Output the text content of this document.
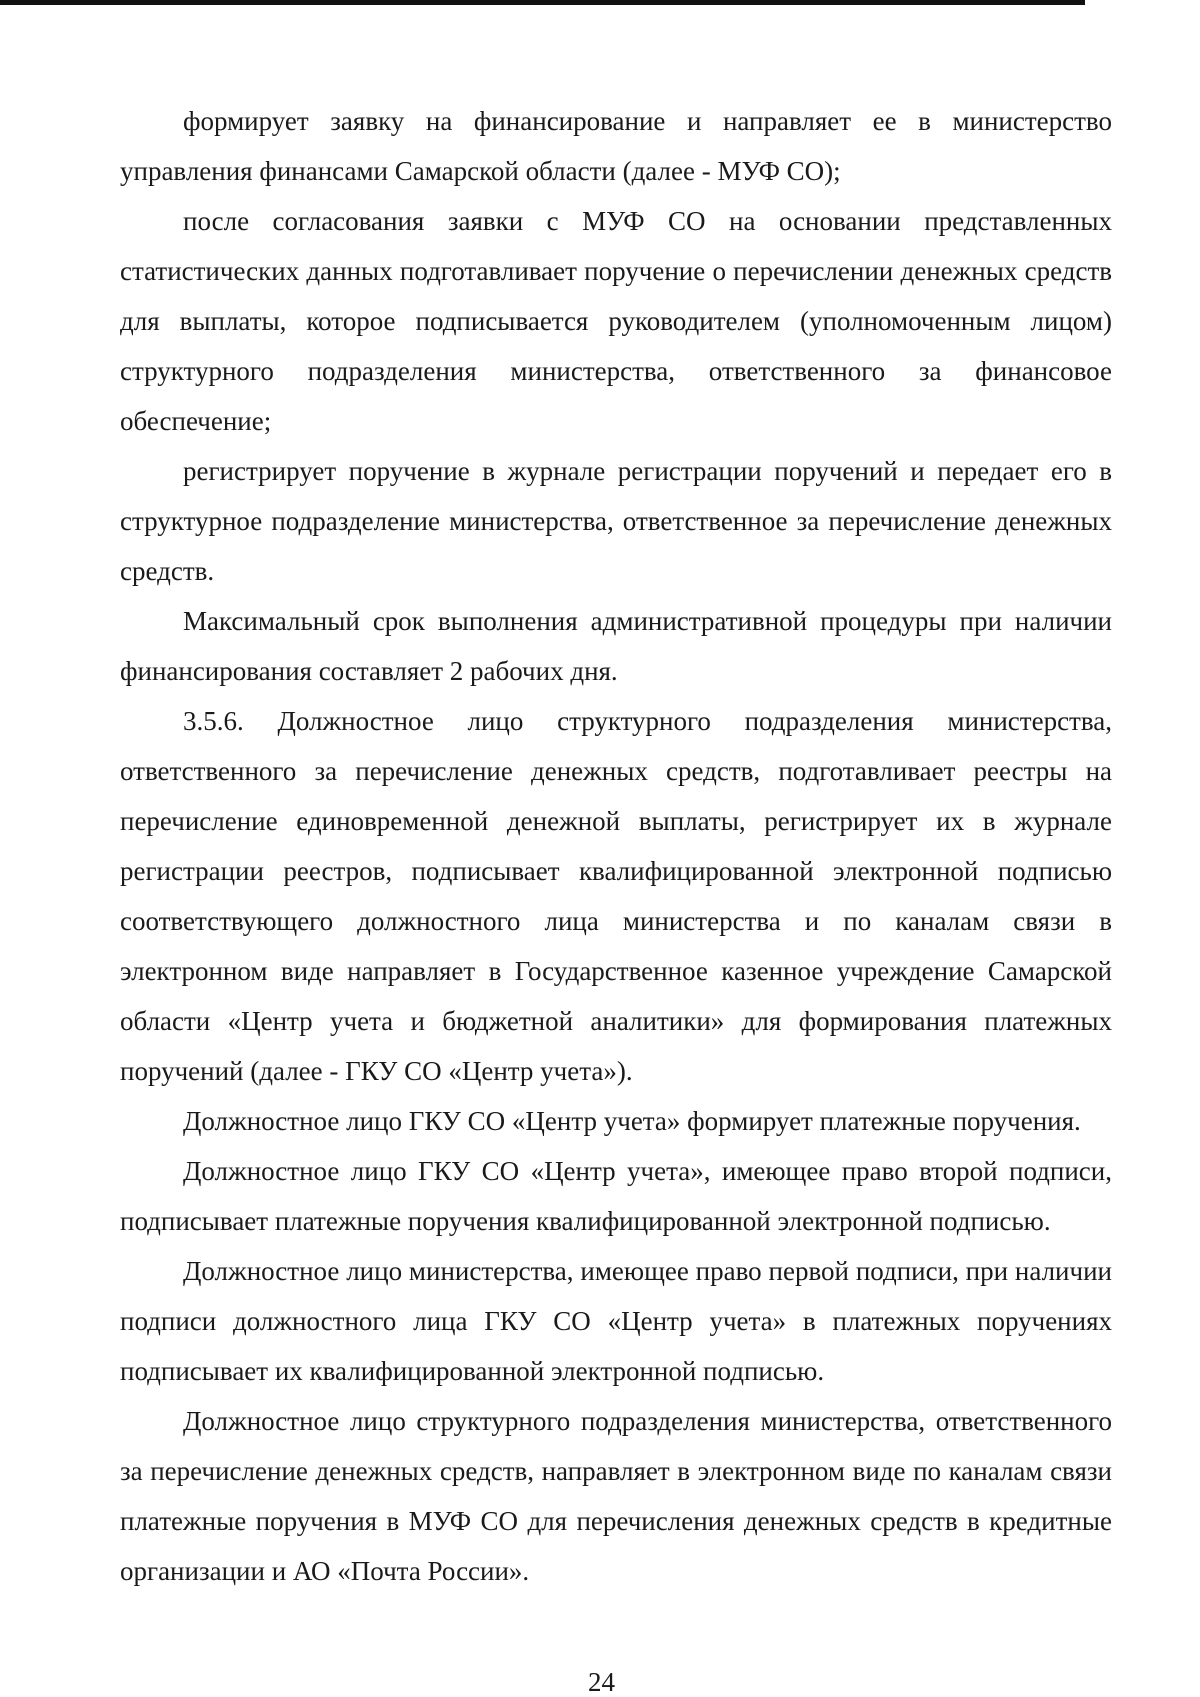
формирует заявку на финансирование и направляет ее в министерство управления финансами Самарской области (далее - МУФ СО);

после согласования заявки с МУФ СО на основании представленных статистических данных подготавливает поручение о перечислении денежных средств для выплаты, которое подписывается руководителем (уполномоченным лицом) структурного подразделения министерства, ответственного за финансовое обеспечение;

регистрирует поручение в журнале регистрации поручений и передает его в структурное подразделение министерства, ответственное за перечисление денежных средств.

Максимальный срок выполнения административной процедуры при наличии финансирования составляет 2 рабочих дня.

3.5.6. Должностное лицо структурного подразделения министерства, ответственного за перечисление денежных средств, подготавливает реестры на перечисление единовременной денежной выплаты, регистрирует их в журнале регистрации реестров, подписывает квалифицированной электронной подписью соответствующего должностного лица министерства и по каналам связи в электронном виде направляет в Государственное казенное учреждение Самарской области «Центр учета и бюджетной аналитики» для формирования платежных поручений (далее - ГКУ СО «Центр учета»).

Должностное лицо ГКУ СО «Центр учета» формирует платежные поручения.

Должностное лицо ГКУ СО «Центр учета», имеющее право второй подписи, подписывает платежные поручения квалифицированной электронной подписью.

Должностное лицо министерства, имеющее право первой подписи, при наличии подписи должностного лица ГКУ СО «Центр учета» в платежных поручениях подписывает их квалифицированной электронной подписью.

Должностное лицо структурного подразделения министерства, ответственного за перечисление денежных средств, направляет в электронном виде по каналам связи платежные поручения в МУФ СО для перечисления денежных средств в кредитные организации и АО «Почта России».

24
